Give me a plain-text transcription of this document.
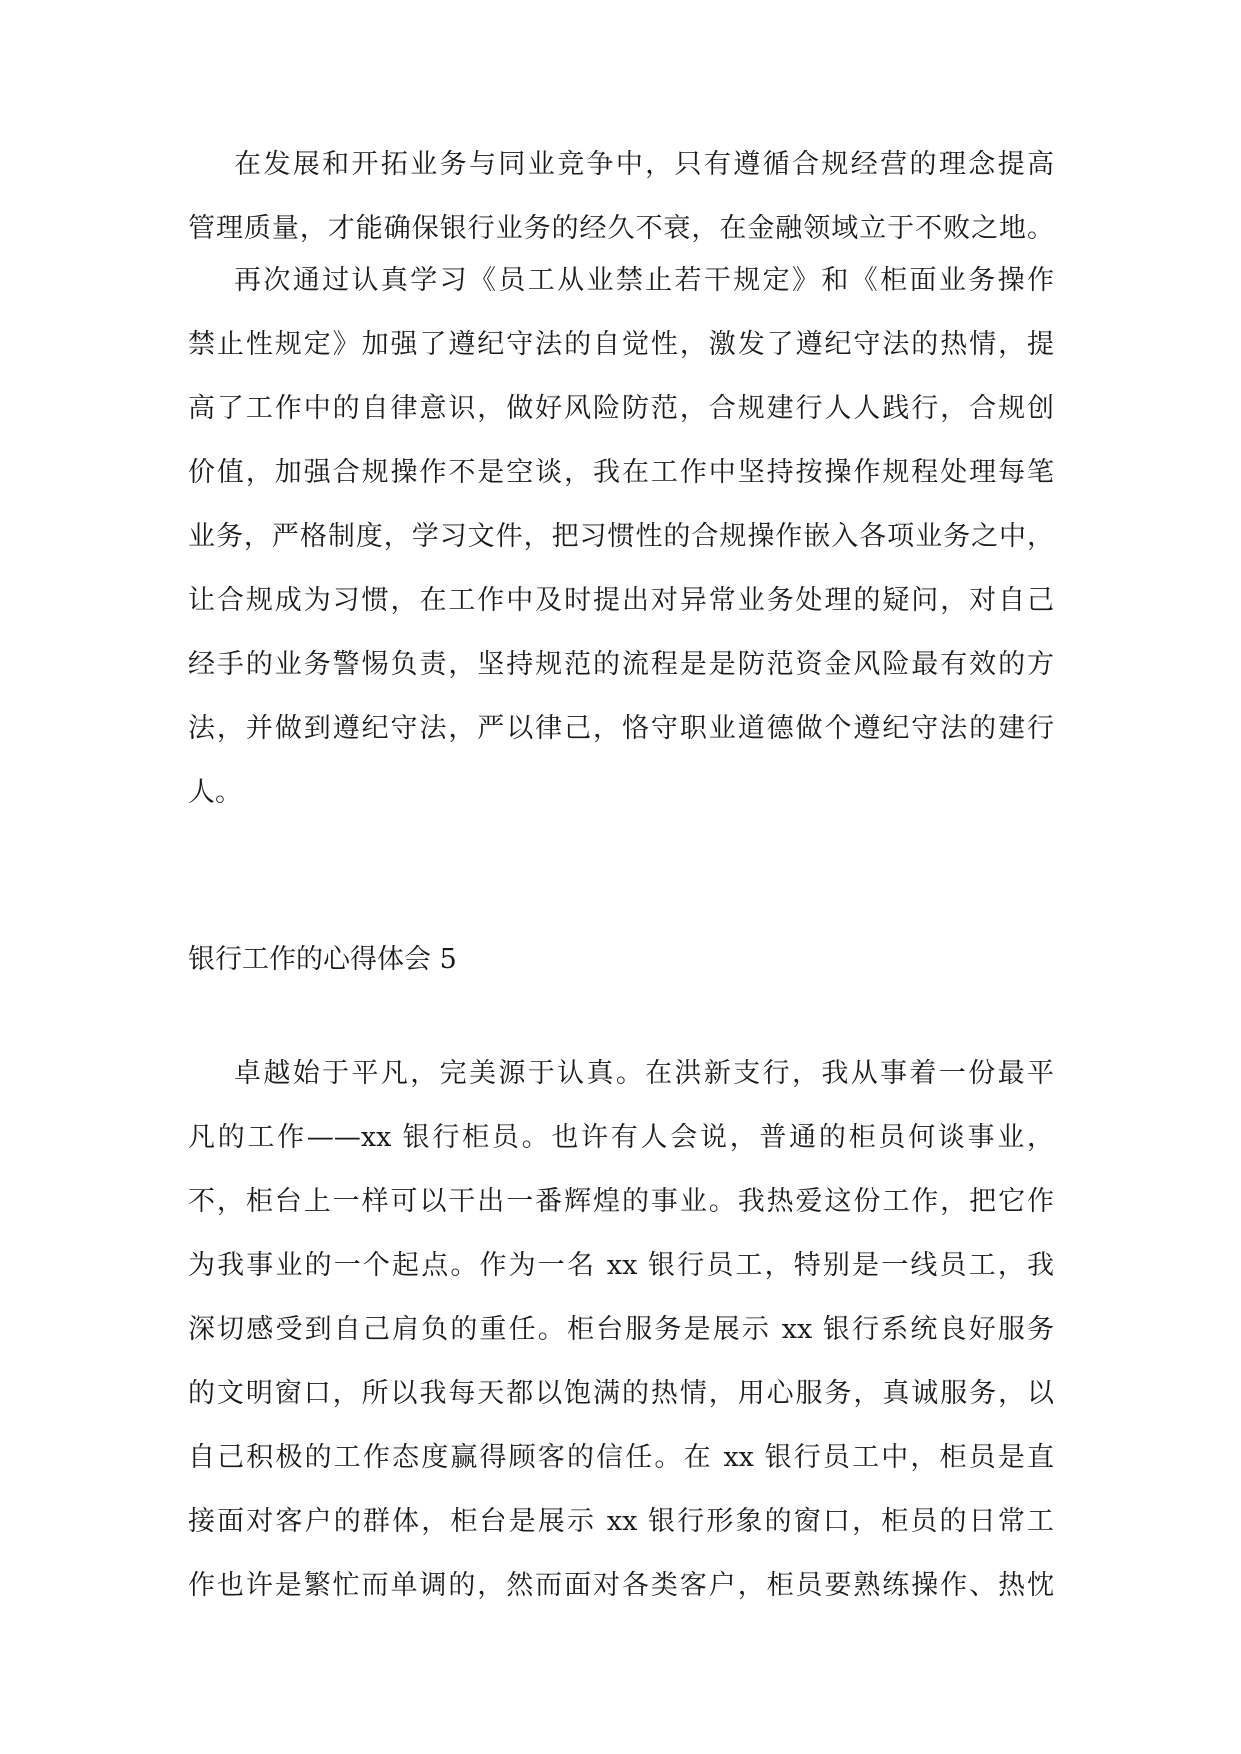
在发展和开拓业务与同业竞争中，只有遵循合规经营的理念提高
管理质量，才能确保银行业务的经久不衰，在金融领域立于不败之地。
再次通过认真学习《员工从业禁止若干规定》和《柜面业务操作
禁止性规定》加强了遵纪守法的自觉性，激发了遵纪守法的热情，提
高了工作中的自律意识，做好风险防范，合规建行人人践行，合规创
价值，加强合规操作不是空谈，我在工作中坚持按操作规程处理每笔
业务，严格制度，学习文件，把习惯性的合规操作嵌入各项业务之中，
让合规成为习惯，在工作中及时提出对异常业务处理的疑问，对自己
经手的业务警惕负责，坚持规范的流程是是防范资金风险最有效的方
法，并做到遵纪守法，严以律己，恪守职业道德做个遵纪守法的建行
人。
银行工作的心得体会 5
卓越始于平凡，完美源于认真。在洪新支行，我从事着一份最平
凡的工作——xx 银行柜员。也许有人会说，普通的柜员何谈事业，
不，柜台上一样可以干出一番辉煌的事业。我热爱这份工作，把它作
为我事业的一个起点。作为一名 xx 银行员工，特别是一线员工，我
深切感受到自己肩负的重任。柜台服务是展示 xx 银行系统良好服务
的文明窗口，所以我每天都以饱满的热情，用心服务，真诚服务，以
自己积极的工作态度赢得顾客的信任。在 xx 银行员工中，柜员是直
接面对客户的群体，柜台是展示 xx 银行形象的窗口，柜员的日常工
作也许是繁忙而单调的，然而面对各类客户，柜员要熟练操作、热忱
